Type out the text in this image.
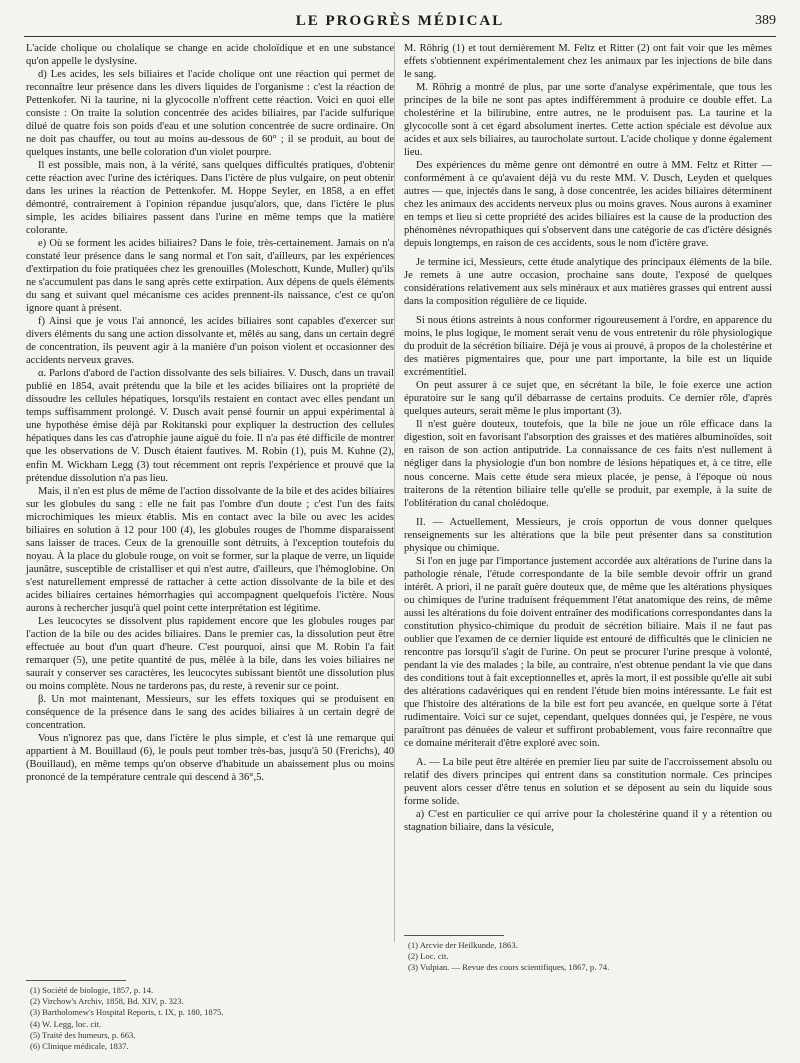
LE PROGRÈS MÉDICAL	389

L'acide cholique ou cholalique se change en acide choloïdique et en une substance qu'on appelle le dyslysine.

d) Les acides, les sels biliaires et l'acide cholique ont une réaction qui permet de reconnaître leur présence dans les divers liquides de l'organisme : c'est la réaction de Pettenkofer. Ni la taurine, ni la glycocolle n'offrent cette réaction. Voici en quoi elle consiste : On traite la solution concentrée des acides biliaires, par l'acide sulfurique dilué de quatre fois son poids d'eau et une solution concentrée de sucre ordinaire. On ne doit pas chauffer, ou tout au moins au-dessous de 60° ; il se produit, au bout de quelques instants, une belle coloration d'un violet pourpre.

Il est possible, mais non, à la vérité, sans quelques difficultés pratiques, d'obtenir cette réaction avec l'urine des ictériques. Dans l'ictère de plus vulgaire, on peut obtenir dans les urines la réaction de Pettenkofer. M. Hoppe Seyler, en 1858, a en effet démontré, contrairement à l'opinion répandue jusqu'alors, que, dans l'ictère le plus simple, les acides biliaires passent dans l'urine en même temps que la matière colorante.

e) Où se forment les acides biliaires? Dans le foie, très-certainement. Jamais on n'a constaté leur présence dans le sang normal et l'on sait, d'ailleurs, par les expériences d'extirpation du foie pratiquées chez les grenouilles (Moleschott, Kunde, Muller) qu'ils ne s'accumulent pas dans le sang après cette extirpation. Aux dépens de quels éléments du sang et suivant quel mécanisme ces acides prennent-ils naissance, c'est ce qu'on ignore quant à présent.

f) Ainsi que je vous l'ai annoncé, les acides biliaires sont capables d'exercer sur divers éléments du sang une action dissolvante et, mêlés au sang, dans un certain degré de concentration, ils peuvent agir à la manière d'un poison violent et occasionner des accidents nerveux graves.

α. Parlons d'abord de l'action dissolvante des sels biliaires. V. Dusch, dans un travail publié en 1854, avait prétendu que la bile et les acides biliaires ont la propriété de dissoudre les cellules hépatiques, lorsqu'ils restaient en contact avec elles pendant un temps suffisamment prolongé. V. Dusch avait pensé fournir un appui expérimental à une hypothèse émise déjà par Rokitanski pour expliquer la destruction des cellules hépatiques dans les cas d'atrophie jaune aiguë du foie. Il n'a pas été difficile de montrer que les observations de V. Dusch étaient fautives. M. Robin (1), puis M. Kuhne (2), enfin M. Wickham Legg (3) tout récemment ont repris l'expérience et prouvé que la prétendue dissolution n'a pas lieu.

Mais, il n'en est plus de même de l'action dissolvante de la bile et des acides biliaires sur les globules du sang : elle ne fait pas l'ombre d'un doute ; c'est l'un des faits microchimiques les mieux établis. Mis en contact avec la bile ou avec les acides biliaires en solution à 12 pour 100 (4), les globules rouges de l'homme disparaissent sans laisser de traces. Ceux de la grenouille sont détruits, à l'exception toutefois du noyau. À la place du globule rouge, on voit se former, sur la plaque de verre, un liquide jaunâtre, susceptible de cristalliser et qui n'est autre, d'ailleurs, que l'hémoglobine. On s'est naturellement empressé de rattacher à cette action dissolvante de la bile et des acides biliaires certaines hémorrhagies qui accompagnent quelquefois l'ictère. Nous aurons à rechercher jusqu'à quel point cette interprétation est légitime.

Les leucocytes se dissolvent plus rapidement encore que les globules rouges par l'action de la bile ou des acides biliaires. Dans le premier cas, la dissolution peut être effectuée au bout d'un quart d'heure. C'est pourquoi, ainsi que M. Robin l'a fait remarquer (5), une petite quantité de pus, mêlée à la bile, dans les voies biliaires ne saurait y conserver ses caractères, les leucocytes subissant bientôt une dissolution plus ou moins complète. Nous ne tarderons pas, du reste, à revenir sur ce point.

β. Un mot maintenant, Messieurs, sur les effets toxiques qui se produisent en conséquence de la présence dans le sang des acides biliaires à un certain degré de concentration.

Vous n'ignorez pas que, dans l'ictère le plus simple, et c'est là une remarque qui appartient à M. Bouillaud (6), le pouls peut tomber très-bas, jusqu'à 50 (Frerichs), 40 (Bouillaud), en même temps qu'on observe d'habitude un abaissement plus ou moins prononcé de la température centrale qui descend à 36°,5.

M. Röhrig (1) et tout dernièrement M. Feltz et Ritter (2) ont fait voir que les mêmes effets s'obtiennent expérimentalement chez les animaux par les injections de bile dans le sang.

M. Röhrig a montré de plus, par une sorte d'analyse expérimentale, que tous les principes de la bile ne sont pas aptes indifféremment à produire ce double effet. La cholestérine et la bilirubine, entre autres, ne le produisent pas. La taurine et la glycocolle sont à cet égard absolument inertes. Cette action spéciale est dévolue aux acides et aux sels biliaires, au taurocholate surtout. L'acide cholique y donne également lieu.

Des expériences du même genre ont démontré en outre à MM. Feltz et Ritter — conformément à ce qu'avaient déjà vu du reste MM. V. Dusch, Leyden et quelques autres — que, injectés dans le sang, à dose concentrée, les acides biliaires déterminent chez les animaux des accidents nerveux plus ou moins graves. Nous aurons à examiner en temps et lieu si cette propriété des acides biliaires est la cause de la production des phénomènes névropathiques qui s'observent dans une catégorie de cas d'ictère désignés depuis longtemps, en raison de ces accidents, sous le nom d'ictère grave.

Je termine ici, Messieurs, cette étude analytique des principaux éléments de la bile. Je remets à une autre occasion, prochaine sans doute, l'exposé de quelques considérations relativement aux sels minéraux et aux matières grasses qui entrent aussi dans la composition régulière de ce liquide.

Si nous étions astreints à nous conformer rigoureusement à l'ordre, en apparence du moins, le plus logique, le moment serait venu de vous entretenir du rôle physiologique du produit de la sécrétion biliaire. Déjà je vous ai prouvé, à propos de la cholestérine et des matières pigmentaires que, pour une part importante, la bile est un liquide excrémentitiel.

On peut assurer à ce sujet que, en sécrétant la bile, le foie exerce une action épuratoire sur le sang qu'il débarrasse de certains produits. Ce dernier rôle, d'après quelques auteurs, serait même le plus important (3).

Il n'est guère douteux, toutefois, que la bile ne joue un rôle efficace dans la digestion, soit en favorisant l'absorption des graisses et des matières albuminoïdes, soit en raison de son action antiputride. La connaissance de ces faits n'est nullement à négliger dans la physiologie d'un bon nombre de lésions hépatiques et, à ce titre, elle nous concerne. Mais cette étude sera mieux placée, je pense, à l'époque où nous traiterons de la rétention biliaire telle qu'elle se produit, par exemple, à la suite de l'oblitération du canal cholédoque.

II. — Actuellement, Messieurs, je crois opportun de vous donner quelques renseignements sur les altérations que la bile peut présenter dans sa constitution physique ou chimique.

Si l'on en juge par l'importance justement accordée aux altérations de l'urine dans la pathologie rénale, l'étude correspondante de la bile semble devoir offrir un grand intérêt. A priori, il ne paraît guère douteux que, de même que les altérations physiques ou chimiques de l'urine traduisent fréquemment l'état anatomique des reins, de même aussi les altérations du foie doivent entraîner des modifications correspondantes dans la constitution physico-chimique du produit de sécrétion biliaire. Mais il ne faut pas oublier que l'examen de ce dernier liquide est entouré de difficultés que le clinicien ne rencontre pas lorsqu'il s'agit de l'urine. On peut se procurer l'urine presque à volonté, pendant la vie des malades ; la bile, au contraire, n'est obtenue pendant la vie que dans des conditions tout à fait exceptionnelles et, après la mort, il est possible qu'elle ait subi des altérations cadavériques qui en rendent l'étude bien moins intéressante. Le fait est que l'histoire des altérations de la bile est fort peu avancée, en quelque sorte à l'état rudimentaire. Voici sur ce sujet, cependant, quelques données qui, je l'espère, ne vous paraîtront pas dénuées de valeur et suffiront probablement, vous faire reconnaître que ce domaine mériterait d'être exploré avec soin.

A. — La bile peut être altérée en premier lieu par suite de l'accroissement absolu ou relatif des divers principes qui entrent dans sa constitution normale. Ces principes peuvent alors cesser d'être tenus en solution et se déposent au sein du liquide sous forme solide.

a) C'est en particulier ce qui arrive pour la cholestérine quand il y a rétention ou stagnation biliaire, dans la vésicule,

(1) Société de biologie, 1857, p. 14.
(2) Virchow's Archiv, 1858, Bd. XIV, p. 323.
(3) Bartholomew's Hospital Reports, t. IX, p. 180, 1875.
(4) W. Legg, loc. cit.
(5) Traité des humeurs, p. 663.
(6) Clinique médicale, 1837.
(1) Arcvie der Heilkunde, 1863.
(2) Loc. cit.
(3) Vulpian. — Revue des cours scientifiques, 1867, p. 74.
